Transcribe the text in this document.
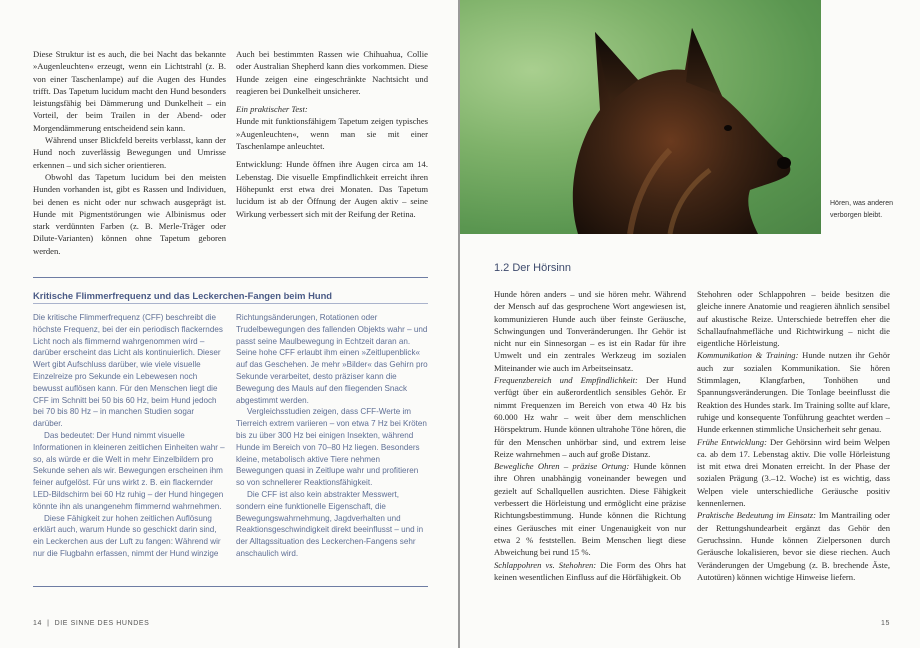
Diese Struktur ist es auch, die bei Nacht das bekannte »Augenleuchten« erzeugt, wenn ein Lichtstrahl (z. B. von einer Taschenlampe) auf die Augen des Hundes trifft. Das Tapetum lucidum macht den Hund besonders leistungsfähig bei Dämmerung und Dunkelheit – ein Vorteil, der beim Trailen in der Abend- oder Morgendämmerung entscheidend sein kann.

Während unser Blickfeld bereits verblasst, kann der Hund noch zuverlässig Bewegungen und Umrisse erkennen – und sich sicher orientieren.

Obwohl das Tapetum lucidum bei den meisten Hunden vorhanden ist, gibt es Rassen und Individuen, bei denen es nicht oder nur schwach ausgeprägt ist. Hunde mit Pigmentstörungen wie Albinismus oder stark verdünnten Farben (z. B. Merle-Träger oder Dilute-Varianten) können ohne Tapetum geboren werden.

Auch bei bestimmten Rassen wie Chihuahua, Collie oder Australian Shepherd kann dies vorkommen. Diese Hunde zeigen eine eingeschränkte Nachtsicht und reagieren bei Dunkelheit unsicherer.

Ein praktischer Test:

Hunde mit funktionsfähigem Tapetum zeigen typisches »Augenleuchten«, wenn man sie mit einer Taschenlampe anleuchtet.

Entwicklung: Hunde öffnen ihre Augen circa am 14. Lebenstag. Die visuelle Empfindlichkeit erreicht ihren Höhepunkt erst etwa drei Monaten. Das Tapetum lucidum ist ab der Öffnung der Augen aktiv – seine Wirkung verbessert sich mit der Reifung der Retina.

Kritische Flimmerfrequenz und das Leckerchen-Fangen beim Hund

Die kritische Flimmerfrequenz (CFF) beschreibt die höchste Frequenz, bei der ein periodisch flackerndes Licht noch als flimmernd wahrgenommen wird – darüber erscheint das Licht als kontinuierlich. Dieser Wert gibt Aufschluss darüber, wie viele visuelle Einzelreize pro Sekunde ein Lebewesen noch bewusst auflösen kann. Für den Menschen liegt die CFF im Schnitt bei 50 bis 60 Hz, beim Hund jedoch bei 70 bis 80 Hz – in manchen Studien sogar darüber.

Das bedeutet: Der Hund nimmt visuelle Informationen in kleineren zeitlichen Einheiten wahr – so, als würde er die Welt in mehr Einzelbildern pro Sekunde sehen als wir. Bewegungen erscheinen ihm feiner aufgelöst. Für uns wirkt z. B. ein flackernder LED-Bildschirm bei 60 Hz ruhig – der Hund hingegen könnte ihn als unangenehm flimmernd wahrnehmen.

Diese Fähigkeit zur hohen zeitlichen Auflösung erklärt auch, warum Hunde so geschickt darin sind, ein Leckerchen aus der Luft zu fangen: Während wir nur die Flugbahn erfassen, nimmt der Hund winzige

Richtungsänderungen, Rotationen oder Trudelbewegungen des fallenden Objekts wahr – und passt seine Maulbewegung in Echtzeit daran an. Seine hohe CFF erlaubt ihm einen »Zeitlupenblick« auf das Geschehen. Je mehr »Bilder« das Gehirn pro Sekunde verarbeitet, desto präziser kann die Bewegung des Mauls auf den fliegenden Snack abgestimmt werden.

Vergleichsstudien zeigen, dass CFF-Werte im Tierreich extrem variieren – von etwa 7 Hz bei Kröten bis zu über 300 Hz bei einigen Insekten, während Hunde im Bereich von 70–80 Hz liegen. Besonders kleine, metabolisch aktive Tiere nehmen Bewegungen quasi in Zeitlupe wahr und profitieren so von schnellerer Reaktionsfähigkeit.

Die CFF ist also kein abstrakter Messwert, sondern eine funktionelle Eigenschaft, die Bewegungswahrnehmung, Jagdverhalten und Reaktionsgeschwindigkeit direkt beeinflusst – und in der Alltagssituation des Leckerchen-Fangens sehr anschaulich wird.

14  |  DIE SINNE DES HUNDES
Hören, was anderen verborgen bleibt.
1.2 Der Hörsinn

Hunde hören anders – und sie hören mehr. Während der Mensch auf das gesprochene Wort angewiesen ist, kommunizieren Hunde auch über feinste Geräusche, Schwingungen und Tonveränderungen. Ihr Gehör ist nicht nur ein Sinnesorgan – es ist ein Radar für ihre Umwelt und ein zentrales Werkzeug im sozialen Miteinander wie auch im Arbeitseinsatz.

Frequenzbereich und Empfindlichkeit: Der Hund verfügt über ein außerordentlich sensibles Gehör. Er nimmt Frequenzen im Bereich von etwa 40 Hz bis 60.000 Hz wahr – weit über dem menschlichen Hörspektrum. Hunde können ultrahohe Töne hören, die für den Menschen unhörbar sind, und extrem leise Reize wahrnehmen – auch auf große Distanz.

Bewegliche Ohren – präzise Ortung: Hunde können ihre Ohren unabhängig voneinander bewegen und gezielt auf Schallquellen ausrichten. Diese Fähigkeit verbessert die Hörleistung und ermöglicht eine präzise Richtungsbestimmung. Hunde können die Richtung eines Geräusches mit einer Ungenauigkeit von nur etwa 2 % feststellen. Beim Menschen liegt diese Abweichung bei rund 15 %.

Schlappohren vs. Stehohren: Die Form des Ohrs hat keinen wesentlichen Einfluss auf die Hörfähigkeit. Ob

Stehohren oder Schlappohren – beide besitzen die gleiche innere Anatomie und reagieren ähnlich sensibel auf akustische Reize. Unterschiede betreffen eher die Schallaufnahmefläche und Richtwirkung – nicht die eigentliche Hörleistung.

Kommunikation & Training: Hunde nutzen ihr Gehör auch zur sozialen Kommunikation. Sie hören Stimmlagen, Klangfarben, Tonhöhen und Spannungsveränderungen. Die Tonlage beeinflusst die Reaktion des Hundes stark. Im Training sollte auf klare, ruhige und konsequente Tonführung geachtet werden – Hunde erkennen stimmliche Unsicherheit sehr genau.

Frühe Entwicklung: Der Gehörsinn wird beim Welpen ca. ab dem 17. Lebenstag aktiv. Die volle Hörleistung ist mit etwa drei Monaten erreicht. In der Phase der sozialen Prägung (3.–12. Woche) ist es wichtig, dass Welpen viele unterschiedliche Geräusche positiv kennenlernen.

Praktische Bedeutung im Einsatz: Im Mantrailing oder der Rettungshundearbeit ergänzt das Gehör den Geruchssinn. Hunde können Zielpersonen durch Geräusche lokalisieren, bevor sie diese riechen. Auch Veränderungen der Umgebung (z. B. brechende Äste, Autotüren) können wichtige Hinweise liefern.

15
